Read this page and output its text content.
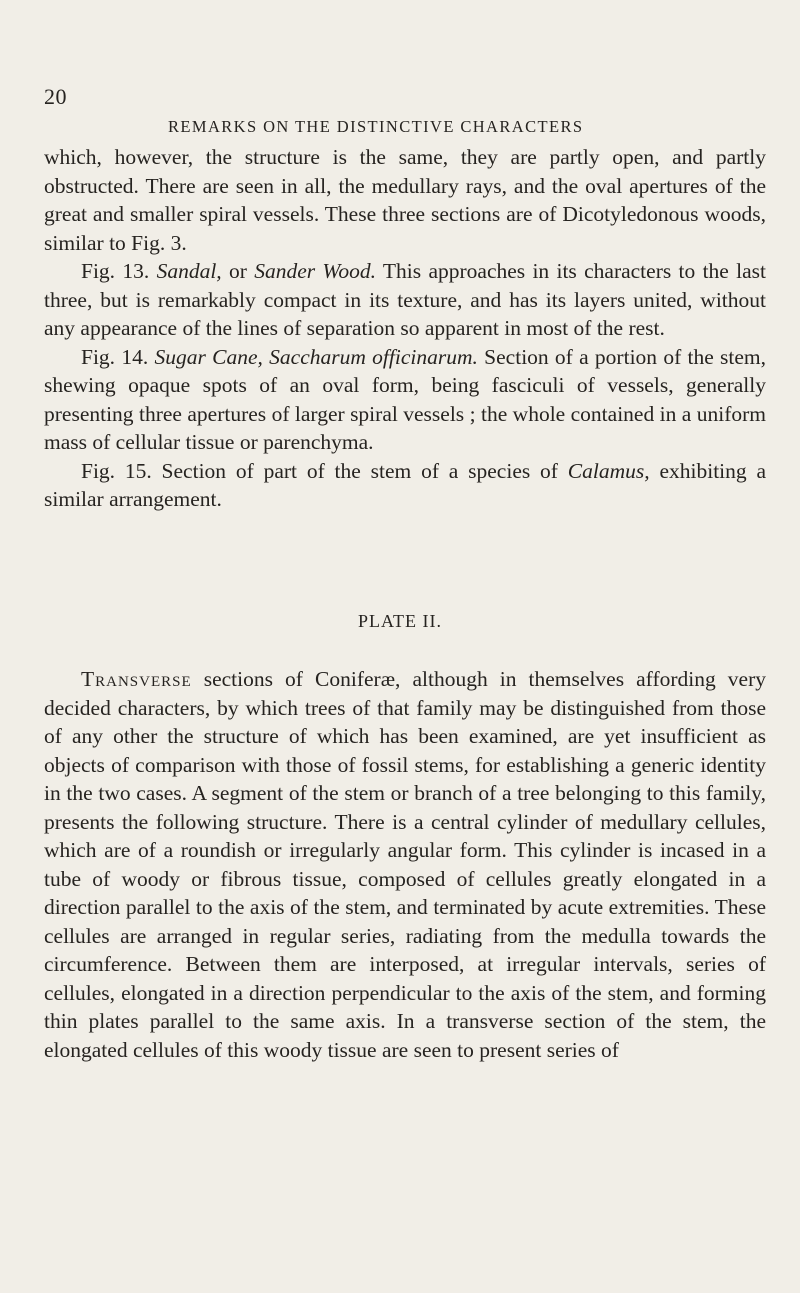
20
REMARKS ON THE DISTINCTIVE CHARACTERS

which, however, the structure is the same, they are partly open, and partly obstructed. There are seen in all, the medullary rays, and the oval apertures of the great and smaller spiral vessels. These three sections are of Dicotyledonous woods, similar to Fig. 3.

Fig. 13. Sandal, or Sander Wood. This approaches in its characters to the last three, but is remarkably compact in its texture, and has its layers united, without any appearance of the lines of separation so apparent in most of the rest.

Fig. 14. Sugar Cane, Saccharum officinarum. Section of a portion of the stem, shewing opaque spots of an oval form, being fasciculi of vessels, generally presenting three apertures of larger spiral vessels ; the whole contained in a uniform mass of cellular tissue or parenchyma.

Fig. 15. Section of part of the stem of a species of Calamus, exhibiting a similar arrangement.

PLATE II.

Transverse sections of Coniferæ, although in themselves affording very decided characters, by which trees of that family may be distinguished from those of any other the structure of which has been examined, are yet insufficient as objects of comparison with those of fossil stems, for establishing a generic identity in the two cases. A segment of the stem or branch of a tree belonging to this family, presents the following structure. There is a central cylinder of medullary cellules, which are of a roundish or irregularly angular form. This cylinder is incased in a tube of woody or fibrous tissue, composed of cellules greatly elongated in a direction parallel to the axis of the stem, and terminated by acute extremities. These cellules are arranged in regular series, radiating from the medulla towards the circumference. Between them are interposed, at irregular intervals, series of cellules, elongated in a direction perpendicular to the axis of the stem, and forming thin plates parallel to the same axis. In a transverse section of the stem, the elongated cellules of this woody tissue are seen to present series of
